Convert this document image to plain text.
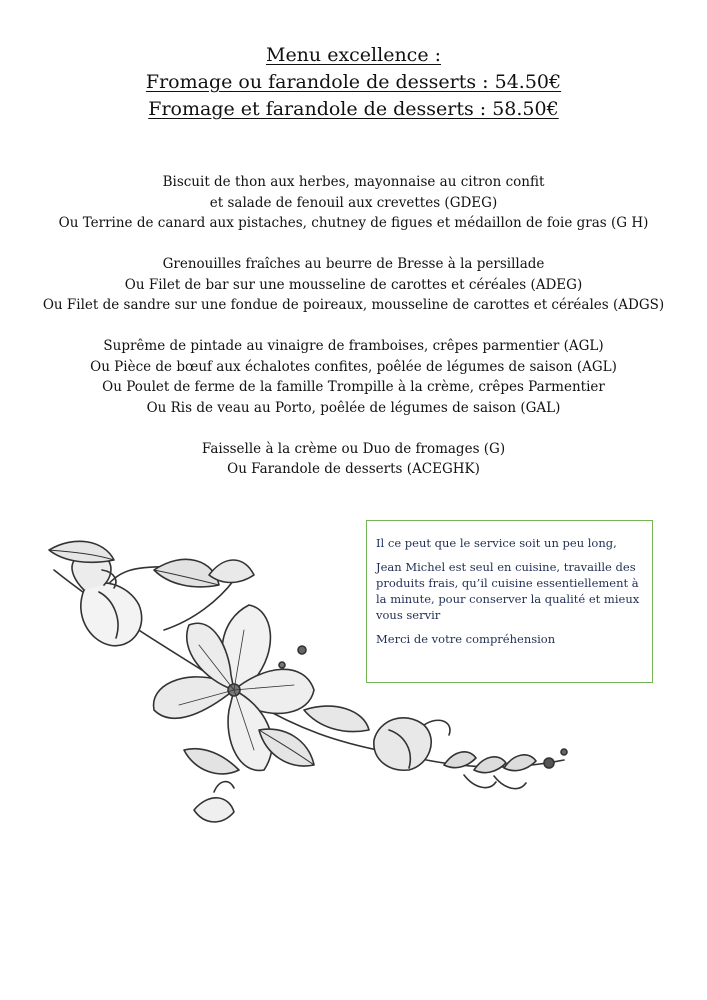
Menu excellence :
Fromage ou farandole de desserts : 54.50€
Fromage et farandole de desserts : 58.50€
Biscuit de thon aux herbes, mayonnaise au citron confit
et salade de fenouil aux crevettes (GDEG)
Ou Terrine de canard aux pistaches, chutney de figues et médaillon de foie gras (G H)
Grenouilles fraîches au beurre de Bresse à la persillade
Ou Filet de bar sur une mousseline de carottes et céréales (ADEG)
Ou Filet de sandre sur une fondue de poireaux, mousseline de carottes et céréales (ADGS)
Suprême de pintade au vinaigre de framboises, crêpes parmentier (AGL)
Ou Pièce de bœuf aux échalotes confites, poêlée de légumes de saison (AGL)
Ou Poulet de ferme de la famille Trompille à la crème, crêpes Parmentier
Ou Ris de veau au Porto, poêlée de légumes de saison (GAL)
Faisselle à la crème ou Duo de fromages (G)
Ou Farandole de desserts (ACEGHK)

Il ce peut que le service soit un peu long,

Jean Michel est seul en cuisine, travaille des produits frais, qu’il cuisine essentiellement à la minute, pour conserver la qualité et mieux vous servir

Merci de votre compréhension
